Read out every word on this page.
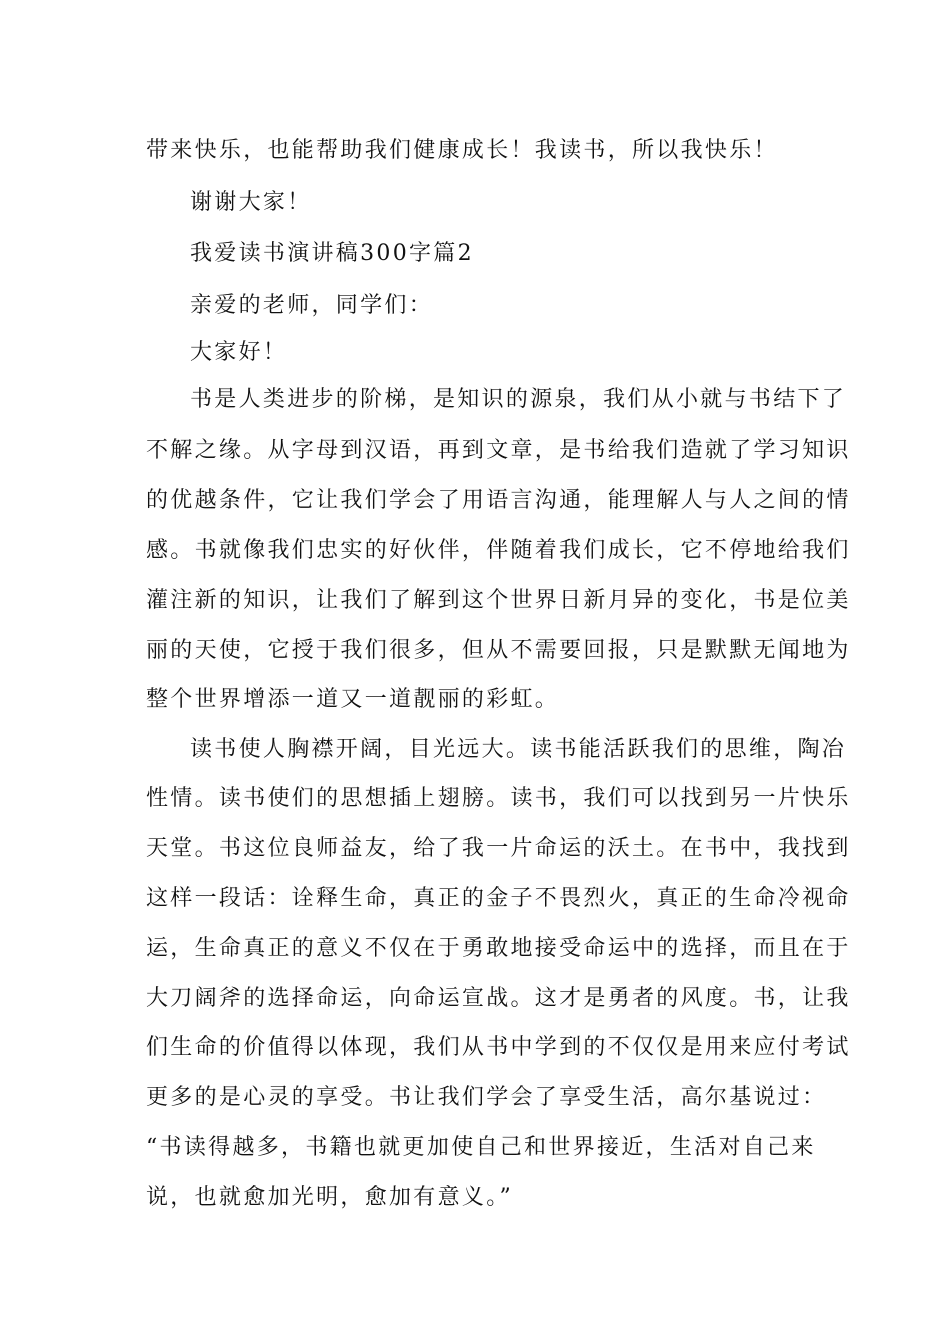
带来快乐，也能帮助我们健康成长！我读书，所以我快乐！
谢谢大家！
我爱读书演讲稿300字篇2
亲爱的老师，同学们：
大家好！
书是人类进步的阶梯，是知识的源泉，我们从小就与书结下了
不解之缘。从字母到汉语，再到文章，是书给我们造就了学习知识
的优越条件，它让我们学会了用语言沟通，能理解人与人之间的情
感。书就像我们忠实的好伙伴，伴随着我们成长，它不停地给我们
灌注新的知识，让我们了解到这个世界日新月异的变化，书是位美
丽的天使，它授于我们很多，但从不需要回报，只是默默无闻地为
整个世界增添一道又一道靓丽的彩虹。
读书使人胸襟开阔，目光远大。读书能活跃我们的思维，陶冶
性情。读书使们的思想插上翅膀。读书，我们可以找到另一片快乐
天堂。书这位良师益友，给了我一片命运的沃土。在书中，我找到
这样一段话：诠释生命，真正的金子不畏烈火，真正的生命冷视命
运，生命真正的意义不仅在于勇敢地接受命运中的选择，而且在于
大刀阔斧的选择命运，向命运宣战。这才是勇者的风度。书，让我
们生命的价值得以体现，我们从书中学到的不仅仅是用来应付考试
更多的是心灵的享受。书让我们学会了享受生活，高尔基说过：
“书读得越多，书籍也就更加使自己和世界接近，生活对自己来
说，也就愈加光明，愈加有意义。”
